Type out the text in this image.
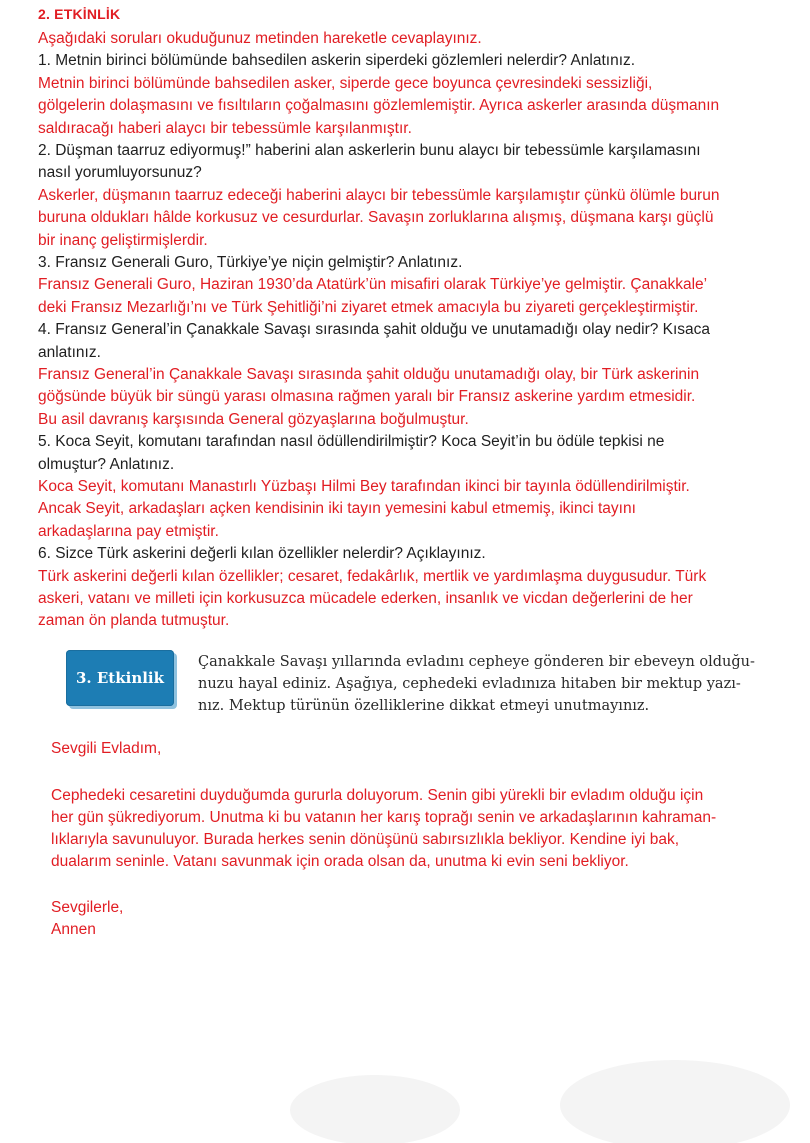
2. ETKİNLİK
Aşağıdaki soruları okuduğunuz metinden hareketle cevaplayınız.
1. Metnin birinci bölümünde bahsedilen askerin siperdeki gözlemleri nelerdir? Anlatınız.
Metnin birinci bölümünde bahsedilen asker, siperde gece boyunca çevresindeki sessizliği,
gölgelerin dolaşmasını ve fısıltıların çoğalmasını gözlemlemiştir. Ayrıca askerler arasında düşmanın
saldıracağı haberi alaycı bir tebessümle karşılanmıştır.
2. Düşman taarruz ediyormuş!” haberini alan askerlerin bunu alaycı bir tebessümle karşılamasını
nasıl yorumluyorsunuz?
Askerler, düşmanın taarruz edeceği haberini alaycı bir tebessümle karşılamıştır çünkü ölümle burun
buruna oldukları hâlde korkusuz ve cesurdurlar. Savaşın zorluklarına alışmış, düşmana karşı güçlü
bir inanç geliştirmişlerdir.
3. Fransız Generali Guro, Türkiye’ye niçin gelmiştir? Anlatınız.
Fransız Generali Guro, Haziran 1930’da Atatürk’ün misafiri olarak Türkiye’ye gelmiştir. Çanakkale’
deki Fransız Mezarlığı’nı ve Türk Şehitliği’ni ziyaret etmek amacıyla bu ziyareti gerçekleştirmiştir.
4. Fransız General’in Çanakkale Savaşı sırasında şahit olduğu ve unutamadığı olay nedir? Kısaca
anlatınız.
Fransız General’in Çanakkale Savaşı sırasında şahit olduğu unutamadığı olay, bir Türk askerinin
göğsünde büyük bir süngü yarası olmasına rağmen yaralı bir Fransız askerine yardım etmesidir.
Bu asil davranış karşısında General gözyaşlarına boğulmuştur.
5. Koca Seyit, komutanı tarafından nasıl ödüllendirilmiştir? Koca Seyit’in bu ödüle tepkisi ne
olmuştur? Anlatınız.
Koca Seyit, komutanı Manastırlı Yüzbaşı Hilmi Bey tarafından ikinci bir tayınla ödüllendirilmiştir.
Ancak Seyit, arkadaşları açken kendisinin iki tayın yemesini kabul etmemiş, ikinci tayını
arkadaşlarına pay etmiştir.
6. Sizce Türk askerini değerli kılan özellikler nelerdir? Açıklayınız.
Türk askerini değerli kılan özellikler; cesaret, fedakârlık, mertlik ve yardımlaşma duygusudur. Türk
askeri, vatanı ve milleti için korkusuzca mücadele ederken, insanlık ve vicdan değerlerini de her
zaman ön planda tutmuştur.
3. Etkinlik
Çanakkale Savaşı yıllarında evladını cepheye gönderen bir ebeveyn olduğu-
nuzu hayal ediniz. Aşağıya, cephedeki evladınıza hitaben bir mektup yazı-
nız. Mektup türünün özelliklerine dikkat etmeyi unutmayınız.
Sevgili Evladım,
Cephedeki cesaretini duyduğumda gururla doluyorum. Senin gibi yürekli bir evladım olduğu için
her gün şükrediyorum. Unutma ki bu vatanın her karış toprağı senin ve arkadaşlarının kahraman-
lıklarıyla savunuluyor. Burada herkes senin dönüşünü sabırsızlıkla bekliyor. Kendine iyi bak,
dualarım seninle. Vatanı savunmak için orada olsan da, unutma ki evin seni bekliyor.
Sevgilerle,
Annen
